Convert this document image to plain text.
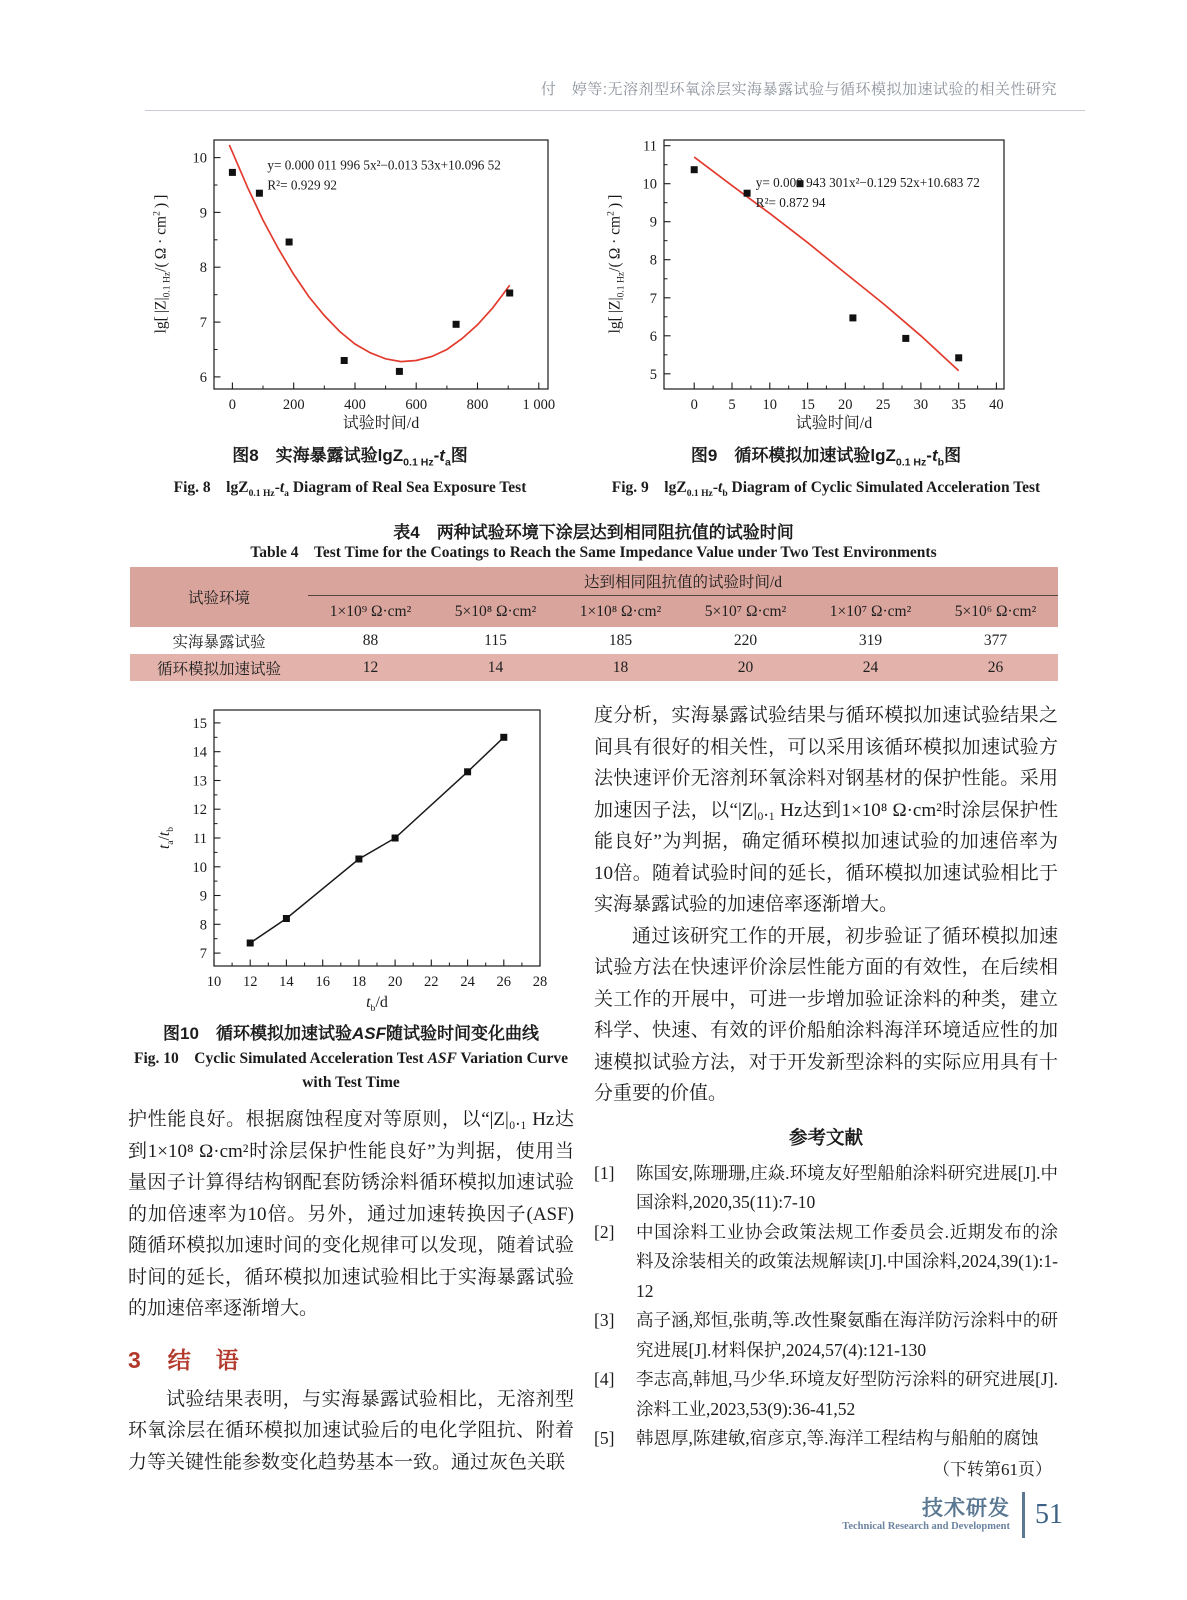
付　婷等:无溶剂型环氧涂层实海暴露试验与循环模拟加速试验的相关性研究
0	200	400	600	800 1 000
6
7
8
9
10	y= 0.000 011 996 5x²−0.013 53x+10.096 52
R²= 0.929 92
lg[ $|Z|_{0.1 Hz}/$( $\Omega \cdot cm^2$ ) ]
试验时间/d
0 5 10 15 20 25 30 35 40
5
6
7
8
9
10
11
y= 0.000 943 301x²−0.129 52x+10.683 72
R²= 0.872 94
lg[ $|Z|_{0.1 Hz}/$( $\Omega \cdot cm^2$ ) ]
试验时间/d
图8　实海暴露试验$\lg Z_{0.1 Hz}-t_a$图
Fig. 8  $\lg Z_{0.1 Hz}-t_a$ Diagram of Real Sea Exposure Test
图9　循环模拟加速试验$\lg Z_{0.1 Hz}-t_b$图
Fig. 9  $\lg Z_{0.1 Hz}-t_b$ Diagram of Cyclic Simulated Acceleration Test
表4　两种试验环境下涂层达到相同阻抗值的试验时间
Table 4  Test Time for the Coatings to Reach the Same Impedance Value under Two Test Environments
试验环境	达到相同阻抗值的试验时间/d					
	1×10⁹ Ω·cm²	5×10⁸ Ω·cm²	1×10⁸ Ω·cm²	5×10⁷ Ω·cm²	1×10⁷ Ω·cm²	5×10⁶ Ω·cm²
实海暴露试验	88	115	185	220	319	377
循环模拟加速试验	12	14	18	20	24	26
10 12 14 16 18 20 22 24 26 28
7
8
9
10
11
12
13
14
15
$t_a/t_b$
$t_b/d$
图10　循环模拟加速试验ASF随试验时间变化曲线
Fig. 10  Cyclic Simulated Acceleration Test ASF Variation Curve with Test Time

护性能良好。根据腐蚀程度对等原则，以“|Z|₀.₁ Hz达到1×10⁸ Ω·cm²时涂层保护性能良好”为判据，使用当量因子计算得结构钢配套防锈涂料循环模拟加速试验的加倍速率为10倍。另外，通过加速转换因子(ASF)随循环模拟加速时间的变化规律可以发现，随着试验时间的延长，循环模拟加速试验相比于实海暴露试验的加速倍率逐渐增大。

3 结　语

试验结果表明，与实海暴露试验相比，无溶剂型环氧涂层在循环模拟加速试验后的电化学阻抗、附着力等关键性能参数变化趋势基本一致。通过灰色关联

度分析，实海暴露试验结果与循环模拟加速试验结果之间具有很好的相关性，可以采用该循环模拟加速试验方法快速评价无溶剂环氧涂料对钢基材的保护性能。采用加速因子法，以“|Z|₀.₁ Hz达到1×10⁸ Ω·cm²时涂层保护性能良好”为判据，确定循环模拟加速试验的加速倍率为10倍。随着试验时间的延长，循环模拟加速试验相比于实海暴露试验的加速倍率逐渐增大。

通过该研究工作的开展，初步验证了循环模拟加速试验方法在快速评价涂层性能方面的有效性，在后续相关工作的开展中，可进一步增加验证涂料的种类，建立科学、快速、有效的评价船舶涂料海洋环境适应性的加速模拟试验方法，对于开发新型涂料的实际应用具有十分重要的价值。

参考文献
[1]	陈国安,陈珊珊,庄焱.环境友好型船舶涂料研究进展[J].中国涂料,2020,35(11):7-10
[2]	中国涂料工业协会政策法规工作委员会.近期发布的涂料及涂装相关的政策法规解读[J].中国涂料,2024,39(1):1-12
[3]	高子涵,郑恒,张萌,等.改性聚氨酯在海洋防污涂料中的研究进展[J].材料保护,2024,57(4):121-130
[4]	李志高,韩旭,马少华.环境友好型防污涂料的研究进展[J].涂料工业,2023,53(9):36-41,52
[5]	韩恩厚,陈建敏,宿彦京,等.海洋工程结构与船舶的腐蚀
（下转第61页）
技术研发
Technical Research and Development 51
